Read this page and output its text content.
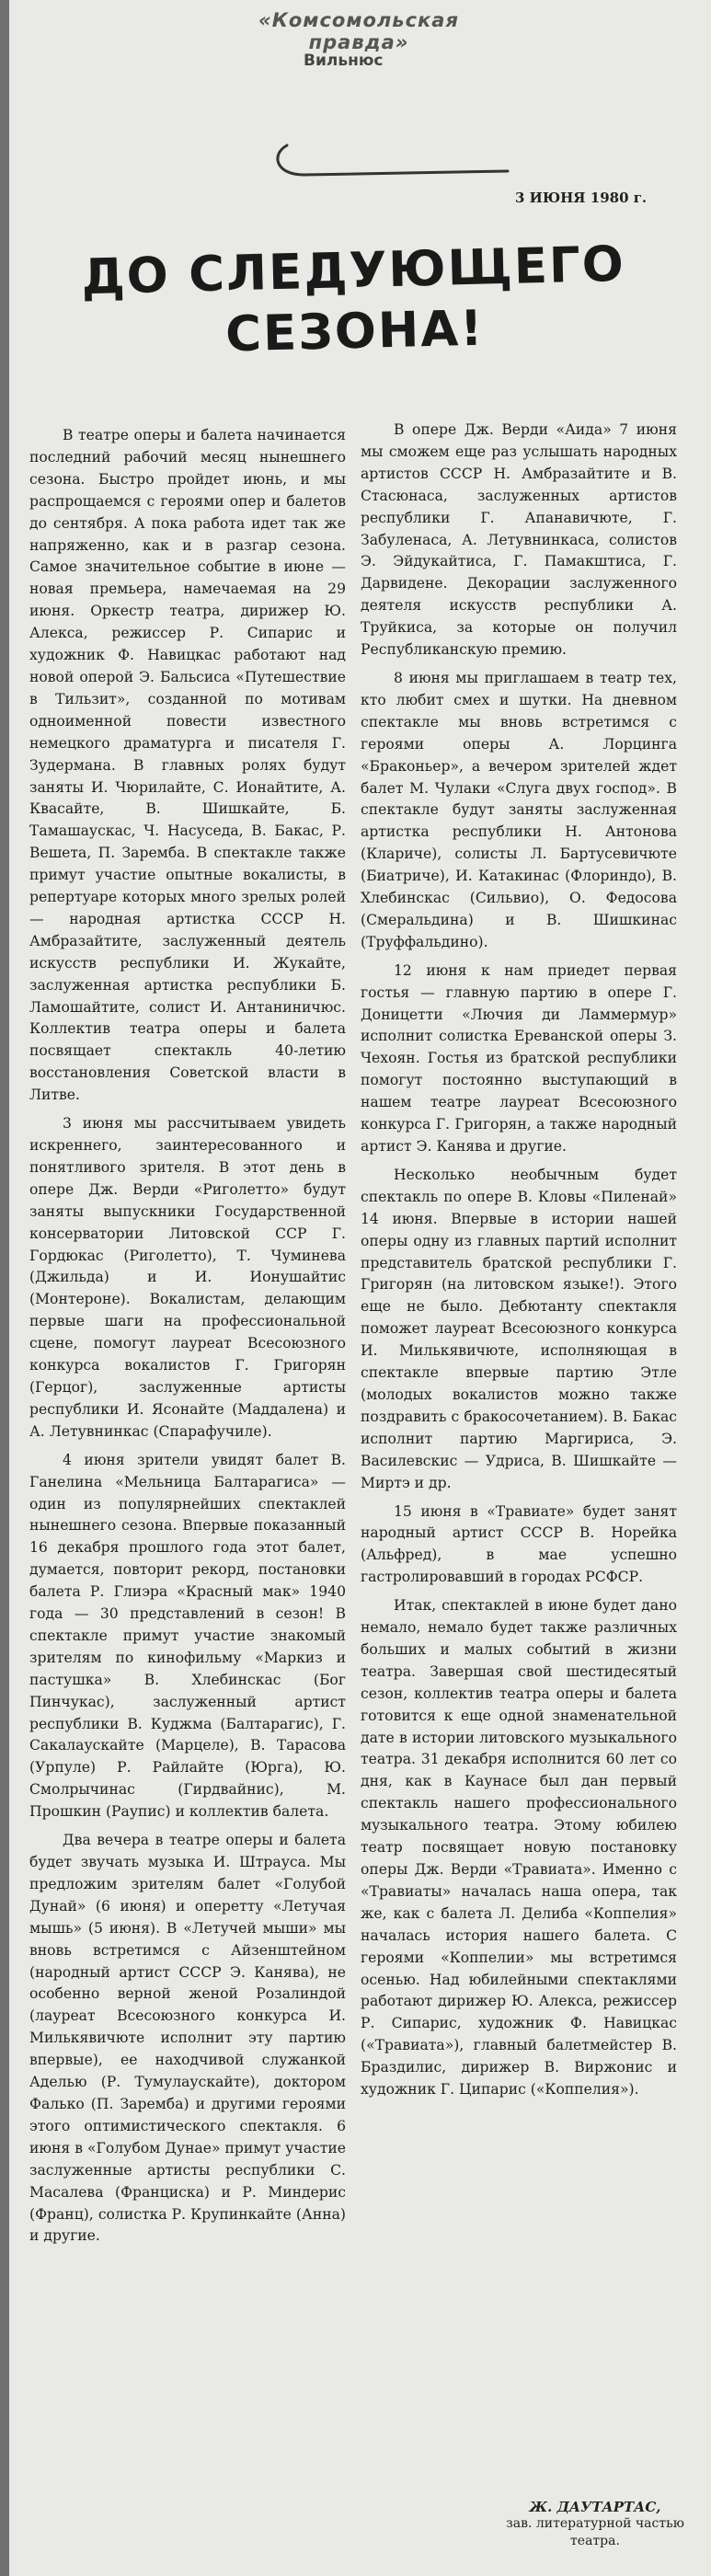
«Комсомольская правда»
Вильнюс
3 ИЮНЯ 1980 г.
ДО СЛЕДУЮЩЕГО СЕЗОНА!

В театре оперы и балета начинается последний рабочий месяц нынешнего сезона. Быстро пройдет июнь, и мы распрощаемся с героями опер и балетов до сентября. А пока работа идет так же напряженно, как и в разгар сезона. Самое значительное событие в июне — новая премьера, намечаемая на 29 июня. Оркестр театра, дирижер Ю. Алекса, режиссер Р. Сипарис и художник Ф. Навицкас работают над новой оперой Э. Бальсиса «Путешествие в Тильзит», созданной по мотивам одноименной повести известного немецкого драматурга и писателя Г. Зудермана. В главных ролях будут заняты И. Чюрилайте, С. Ионайтите, А. Квасайте, В. Шишкайте, Б. Тамашаускас, Ч. Насуседа, В. Бакас, Р. Вешета, П. Заремба. В спектакле также примут участие опытные вокалисты, в репертуаре которых много зрелых ролей — народная артистка СССР Н. Амбразайтите, заслуженный деятель искусств республики И. Жукайте, заслуженная артистка республики Б. Ламошайтите, солист И. Антаниничюс. Коллектив театра оперы и балета посвящает спектакль 40-летию восстановления Советской власти в Литве.

3 июня мы рассчитываем увидеть искреннего, заинтересованного и понятливого зрителя. В этот день в опере Дж. Верди «Риголетто» будут заняты выпускники Государственной консерватории Литовской ССР Г. Гордюкас (Риголетто), Т. Чуминева (Джильда) и И. Ионушайтис (Монтероне). Вокалистам, делающим первые шаги на профессиональной сцене, помогут лауреат Всесоюзного конкурса вокалистов Г. Григорян (Герцог), заслуженные артисты республики И. Ясонайте (Маддалена) и А. Летувнинкас (Спарафучиле).

4 июня зрители увидят балет В. Ганелина «Мельница Балтарагиса» — один из популярнейших спектаклей нынешнего сезона. Впервые показанный 16 декабря прошлого года этот балет, думается, повторит рекорд, постановки балета Р. Глиэра «Красный мак» 1940 года — 30 представлений в сезон! В спектакле примут участие знакомый зрителям по кинофильму «Маркиз и пастушка» В. Хлебинскас (Бог Пинчукас), заслуженный артист республики В. Куджма (Балтарагис), Г. Сакалаускайте (Марцеле), В. Тарасова (Урпуле) Р. Райлайте (Юрга), Ю. Смолрычинас (Гирдвайнис), М. Прошкин (Раупис) и коллектив балета.

Два вечера в театре оперы и балета будет звучать музыка И. Штрауса. Мы предложим зрителям балет «Голубой Дунай» (6 июня) и оперетту «Летучая мышь» (5 июня). В «Летучей мыши» мы вновь встретимся с Айзенштейном (народный артист СССР Э. Канява), не особенно верной женой Розалиндой (лауреат Всесоюзного конкурса И. Милькявичюте исполнит эту партию впервые), ее находчивой служанкой Аделью (Р. Тумулаускайте), доктором Фалько (П. Заремба) и другими героями этого оптимистического спектакля. 6 июня в «Голубом Дунае» примут участие заслуженные артисты республики С. Масалева (Франциска) и Р. Миндерис (Франц), солистка Р. Крупинкайте (Анна) и другие.

В опере Дж. Верди «Аида» 7 июня мы сможем еще раз услышать народных артистов СССР Н. Амбразайтите и В. Стасюнаса, заслуженных артистов республики Г. Апанавичюте, Г. Забуленаса, А. Летувнинкаса, солистов Э. Эйдукайтиса, Г. Памакштиса, Г. Дарвидене. Декорации заслуженного деятеля искусств республики А. Труйкиса, за которые он получил Республиканскую премию.

8 июня мы приглашаем в театр тех, кто любит смех и шутки. На дневном спектакле мы вновь встретимся с героями оперы А. Лорцинга «Браконьер», а вечером зрителей ждет балет М. Чулаки «Слуга двух господ». В спектакле будут заняты заслуженная артистка республики Н. Антонова (Клариче), солисты Л. Бартусевичюте (Биатриче), И. Катакинас (Флориндо), В. Хлебинскас (Сильвио), О. Федосова (Смеральдина) и В. Шишкинас (Труффальдино).

12 июня к нам приедет первая гостья — главную партию в опере Г. Доницетти «Лючия ди Ламмермур» исполнит солистка Ереванской оперы З. Чехоян. Гостья из братской республики помогут постоянно выступающий в нашем театре лауреат Всесоюзного конкурса Г. Григорян, а также народный артист Э. Канява и другие.

Несколько необычным будет спектакль по опере В. Кловы «Пиленай» 14 июня. Впервые в истории нашей оперы одну из главных партий исполнит представитель братской республики Г. Григорян (на литовском языке!). Этого еще не было. Дебютанту спектакля поможет лауреат Всесоюзного конкурса И. Милькявичюте, исполняющая в спектакле впервые партию Этле (молодых вокалистов можно также поздравить с бракосочетанием). В. Бакас исполнит партию Маргириса, Э. Василевскис — Удриса, В. Шишкайте — Миртэ и др.

15 июня в «Травиате» будет занят народный артист СССР В. Норейка (Альфред), в мае успешно гастролировавший в городах РСФСР.

Итак, спектаклей в июне будет дано немало, немало будет также различных больших и малых событий в жизни театра. Завершая свой шестидесятый сезон, коллектив театра оперы и балета готовится к еще одной знаменательной дате в истории литовского музыкального театра. 31 декабря исполнится 60 лет со дня, как в Каунасе был дан первый спектакль нашего профессионального музыкального театра. Этому юбилею театр посвящает новую постановку оперы Дж. Верди «Травиата». Именно с «Травиаты» началась наша опера, так же, как с балета Л. Делиба «Коппелия» началась история нашего балета. С героями «Коппелии» мы встретимся осенью. Над юбилейными спектаклями работают дирижер Ю. Алекса, режиссер Р. Сипарис, художник Ф. Навицкас («Травиата»), главный балетмейстер В. Браздилис, дирижер В. Виржонис и художник Г. Ципарис («Коппелия»).

Ж. ДАУТАРТАС,
зав. литературной частью театра.
